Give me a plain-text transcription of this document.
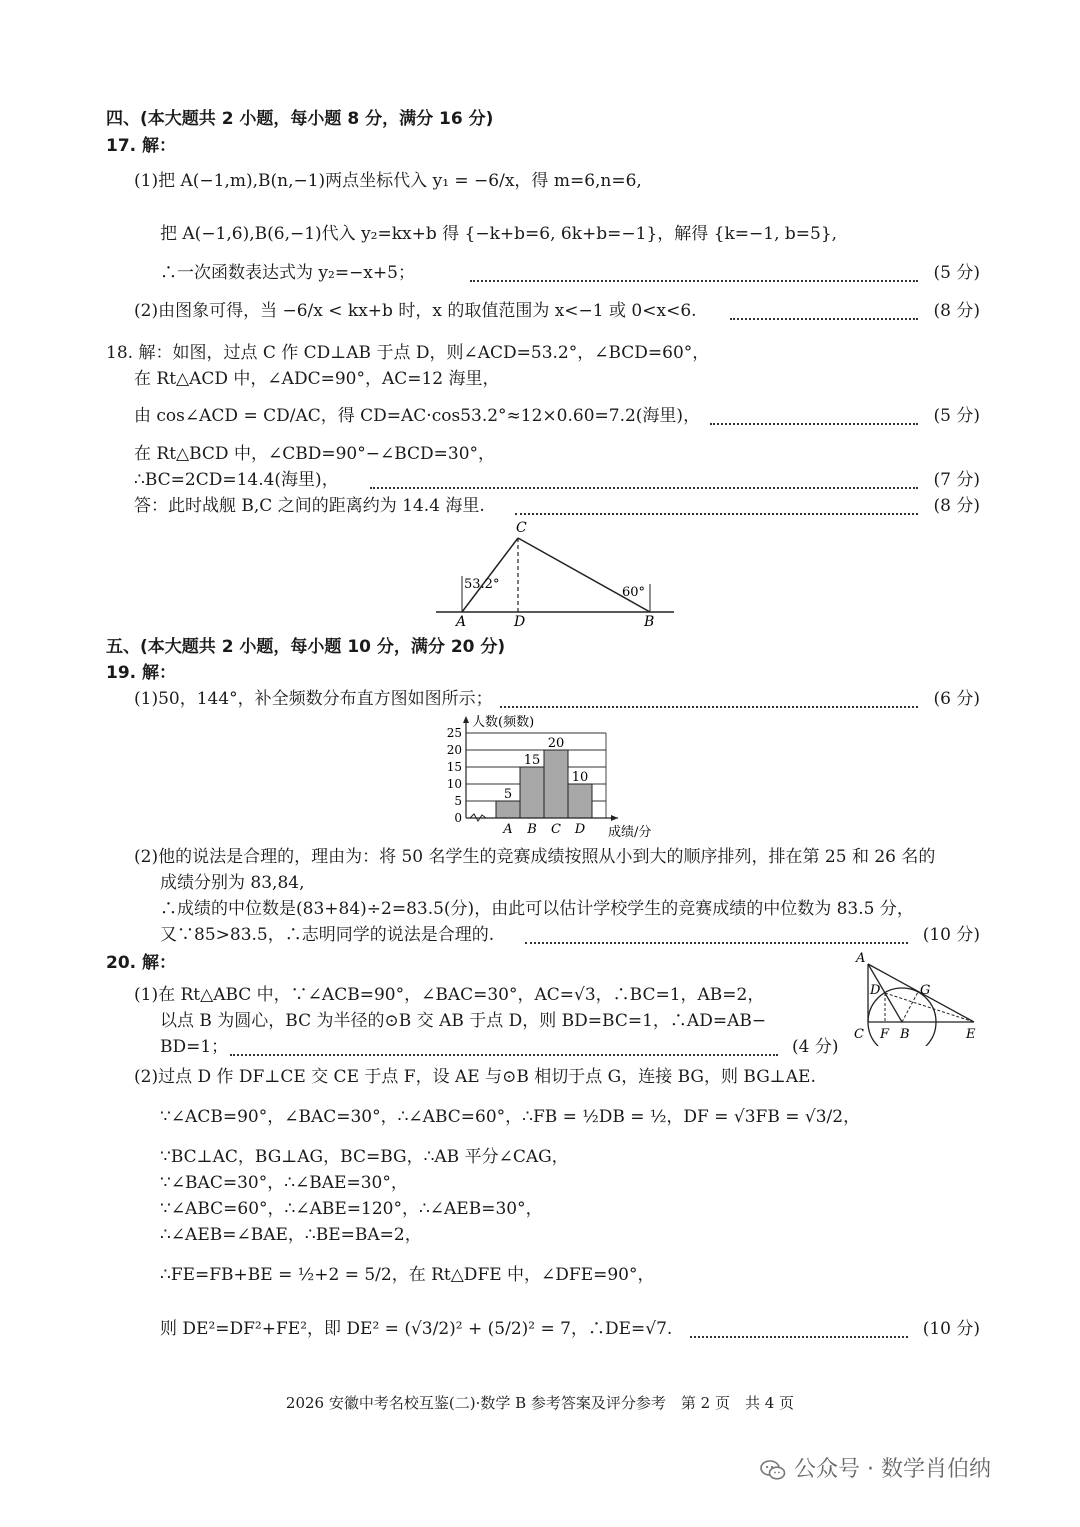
四、(本大题共 2 小题，每小题 8 分，满分 16 分)
17. 解：
(1)把 A(−1,m),B(n,−1)两点坐标代入 y₁ = −6/x，得 m=6,n=6,
把 A(−1,6),B(6,−1)代入 y₂=kx+b 得 {−k+b=6, 6k+b=−1}，解得 {k=−1, b=5},
∴一次函数表达式为 y₂=−x+5；	(5 分)
(2)由图象可得，当 −6/x < kx+b 时，x 的取值范围为 x<−1 或 0<x<6.	(8 分)
18. 解：如图，过点 C 作 CD⊥AB 于点 D，则∠ACD=53.2°，∠BCD=60°，
在 Rt△ACD 中，∠ADC=90°，AC=12 海里，
由 cos∠ACD = CD/AC，得 CD=AC·cos53.2°≈12×0.60=7.2(海里)，	(5 分)
在 Rt△BCD 中，∠CBD=90°−∠BCD=30°，
∴BC=2CD=14.4(海里)，	(7 分)
答：此时战舰 B,C 之间的距离约为 14.4 海里.	(8 分)
C
A	D	B
53.2°
60°
五、(本大题共 2 小题，每小题 10 分，满分 20 分)
19. 解：
(1)50，144°，补全频数分布直方图如图所示；	(6 分)
人数(频数)
成绩/分
0
5
10
15
20
25
5
A
15
B
20
C
10
D
(2)他的说法是合理的，理由为：将 50 名学生的竞赛成绩按照从小到大的顺序排列，排在第 25 和 26 名的
成绩分别为 83,84,
∴成绩的中位数是(83+84)÷2=83.5(分)，由此可以估计学校学生的竞赛成绩的中位数为 83.5 分，
又∵85>83.5，∴志明同学的说法是合理的.	(10 分)
20. 解：
(1)在 Rt△ABC 中，∵∠ACB=90°，∠BAC=30°，AC=√3，∴BC=1，AB=2，
以点 B 为圆心，BC 为半径的⊙B 交 AB 于点 D，则 BD=BC=1，∴AD=AB−
BD=1；	(4 分)
A
D	G
C F B	E
(2)过点 D 作 DF⊥CE 交 CE 于点 F，设 AE 与⊙B 相切于点 G，连接 BG，则 BG⊥AE.
∵∠ACB=90°，∠BAC=30°，∴∠ABC=60°，∴FB = ½DB = ½，DF = √3FB = √3/2，
∵BC⊥AC，BG⊥AG，BC=BG，∴AB 平分∠CAG，
∵∠BAC=30°，∴∠BAE=30°，
∵∠ABC=60°，∴∠ABE=120°，∴∠AEB=30°，
∴∠AEB=∠BAE，∴BE=BA=2，
∴FE=FB+BE = ½+2 = 5/2，在 Rt△DFE 中，∠DFE=90°，
则 DE²=DF²+FE²，即 DE² = (√3/2)² + (5/2)² = 7，∴DE=√7.	(10 分)
2026 安徽中考名校互鉴(二)·数学 B 参考答案及评分参考　第 2 页　共 4 页
公众号 · 数学肖伯纳
